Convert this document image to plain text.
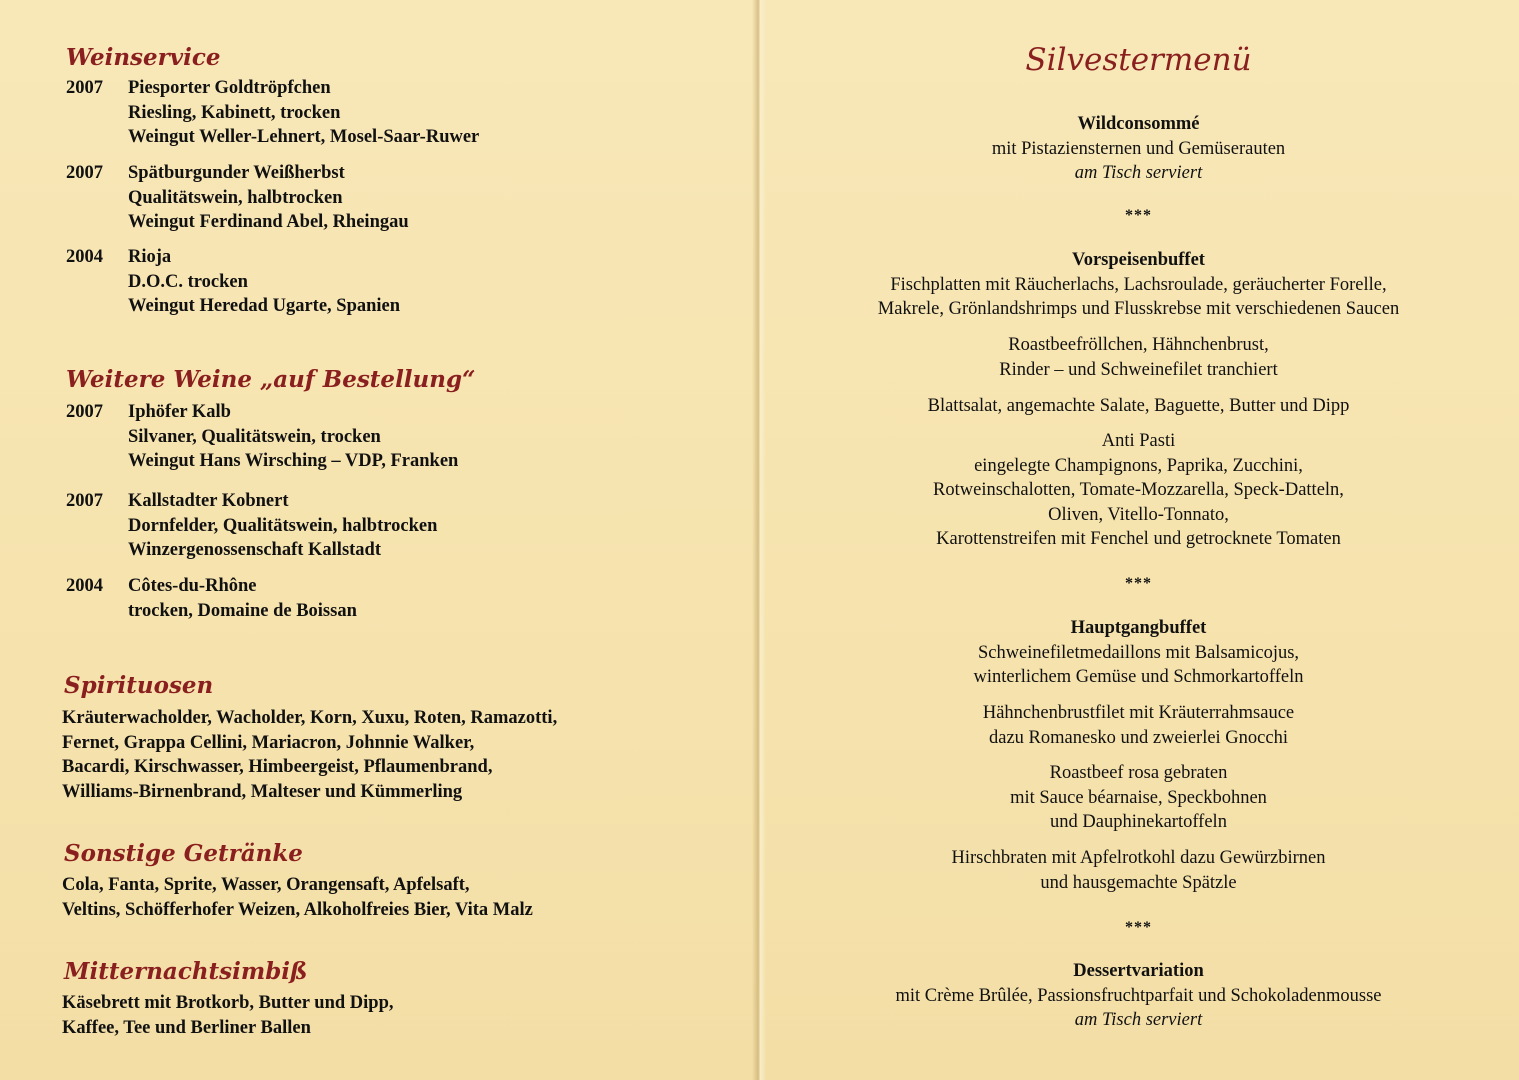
Weinservice
2007	Piesporter Goldtröpfchen
Riesling, Kabinett, trocken
Weingut Weller-Lehnert, Mosel-Saar-Ruwer
2007	Spätburgunder Weißherbst
Qualitätswein, halbtrocken
Weingut Ferdinand Abel, Rheingau
2004	Rioja
D.O.C. trocken
Weingut Heredad Ugarte, Spanien
Weitere Weine „auf Bestellung“
2007	Iphöfer Kalb
Silvaner, Qualitätswein, trocken
Weingut Hans Wirsching – VDP, Franken
2007	Kallstadter Kobnert
Dornfelder, Qualitätswein, halbtrocken
Winzergenossenschaft Kallstadt
2004	Côtes-du-Rhône
trocken, Domaine de Boissan
Spirituosen
Kräuterwacholder, Wacholder, Korn, Xuxu, Roten, Ramazotti,
Fernet, Grappa Cellini, Mariacron, Johnnie Walker,
Bacardi, Kirschwasser, Himbeergeist, Pflaumenbrand,
Williams-Birnenbrand, Malteser und Kümmerling
Sonstige Getränke
Cola, Fanta, Sprite, Wasser, Orangensaft, Apfelsaft,
Veltins, Schöfferhofer Weizen, Alkoholfreies Bier, Vita Malz
Mitternachtsimbiß
Käsebrett mit Brotkorb, Butter und Dipp,
Kaffee, Tee und Berliner Ballen
Silvestermenü
Wildconsommé
mit Pistaziensternen und Gemüserauten
am Tisch serviert
***
Vorspeisenbuffet
Fischplatten mit Räucherlachs, Lachsroulade, geräucherter Forelle,
Makrele, Grönlandshrimps und Flusskrebse mit verschiedenen Saucen
Roastbeefröllchen, Hähnchenbrust,
Rinder – und Schweinefilet tranchiert
Blattsalat, angemachte Salate, Baguette, Butter und Dipp
Anti Pasti
eingelegte Champignons, Paprika, Zucchini,
Rotweinschalotten, Tomate-Mozzarella, Speck-Datteln,
Oliven, Vitello-Tonnato,
Karottenstreifen mit Fenchel und getrocknete Tomaten
***
Hauptgangbuffet
Schweinefiletmedaillons mit Balsamicojus,
winterlichem Gemüse und Schmorkartoffeln
Hähnchenbrustfilet mit Kräuterrahmsauce
dazu Romanesko und zweierlei Gnocchi
Roastbeef rosa gebraten
mit Sauce béarnaise, Speckbohnen
und Dauphinekartoffeln
Hirschbraten mit Apfelrotkohl dazu Gewürzbirnen
und hausgemachte Spätzle
***
Dessertvariation
mit Crème Brûlée, Passionsfruchtparfait und Schokoladenmousse
am Tisch serviert
